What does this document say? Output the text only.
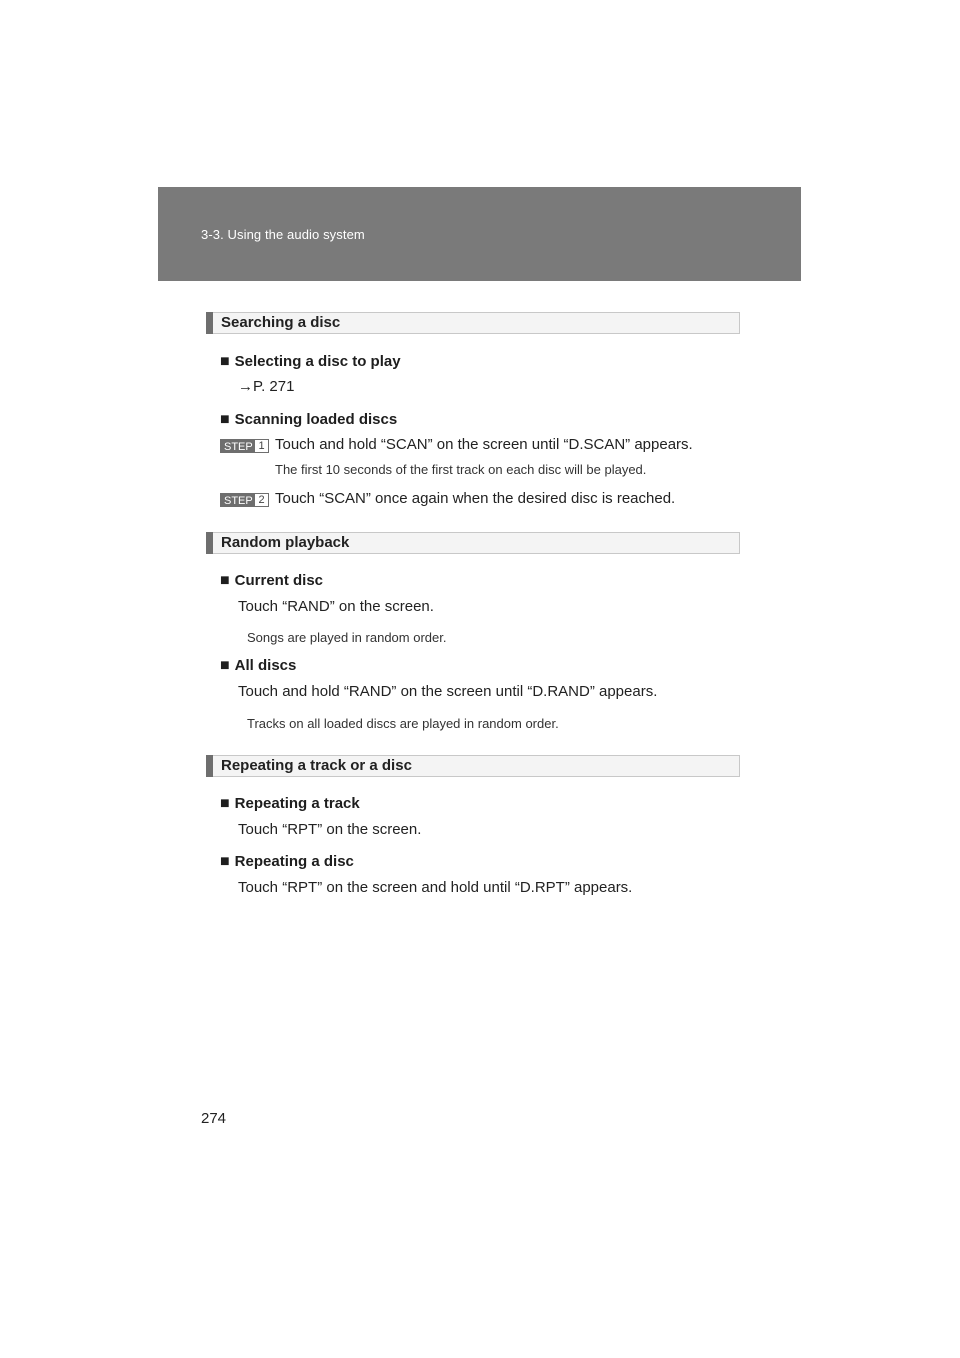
3-3. Using the audio system
Searching a disc
■ Selecting a disc to play
→P. 271
■ Scanning loaded discs
STEP 1 Touch and hold “SCAN” on the screen until “D.SCAN” appears.
The first 10 seconds of the first track on each disc will be played.
STEP 2 Touch “SCAN” once again when the desired disc is reached.
Random playback
■ Current disc
Touch “RAND” on the screen.
Songs are played in random order.
■ All discs
Touch and hold “RAND” on the screen until “D.RAND” appears.
Tracks on all loaded discs are played in random order.
Repeating a track or a disc
■ Repeating a track
Touch “RPT” on the screen.
■ Repeating a disc
Touch “RPT” on the screen and hold until “D.RPT” appears.
274
